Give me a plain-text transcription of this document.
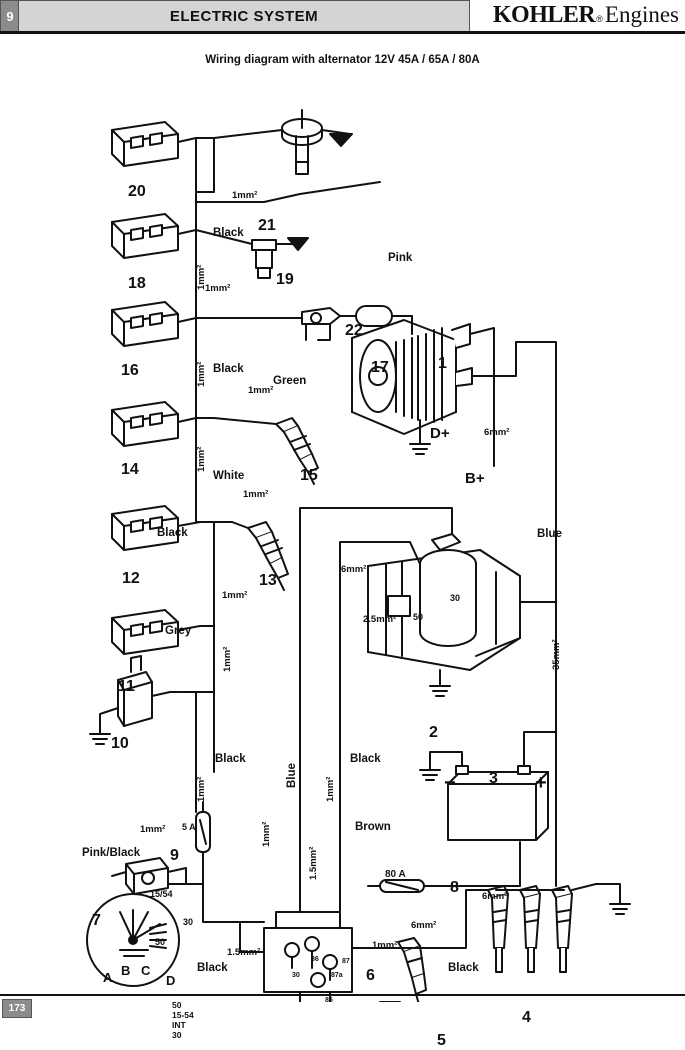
9	ELECTRIC SYSTEM	KOHLER ® Engines
Wiring diagram with alternator 12V 45A / 65A / 80A
20
18
16
14
12
11
10
9
7
21
19
22
17	1
15
13
2
3
8
6
5
4
Black
Pink
Black
Green
White
Black
Grey
Blue
Black	Black
Brown
Pink/Black
Black	Black
Blue
1mm²
1mm²
1mm²
1mm²
1mm²
1mm²
1mm²
6mm²
6mm²
2.5mm²
35mm²
6mm²
6mm²
1.5mm²
1mm²
1mm²
1mm²
1mm²
1mm²
1mm²
1mm²
1.5mm²
D+
B+
30
50
80 A
5 A
15/54
30
50
−	+
86
85
87a
30
87
A B C
D
50
15-54
INT
30
173
